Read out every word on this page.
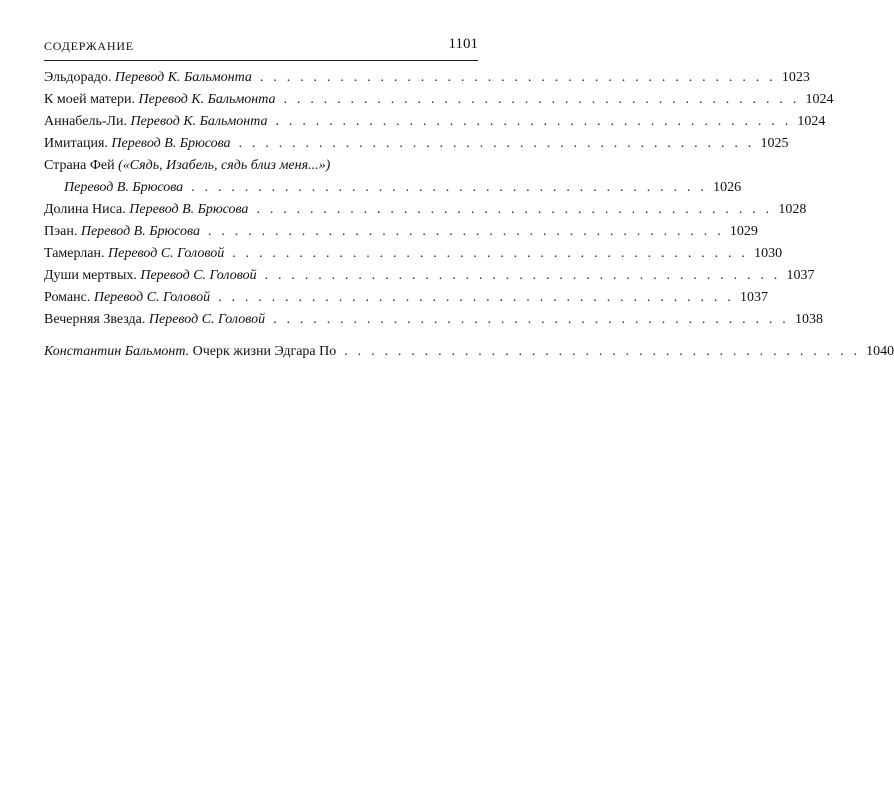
СОДЕРЖАНИЕ	1101
Эльдорадо. Перевод К. Бальмонта . . . . . . . . . . . . . . . . . . . . . . . . . . . . . . . . . . . . . . . 1023
К моей матери. Перевод К. Бальмонта . . . . . . . . . . . . . . . . . . . . . . . . . . . . . . . . . . . . . . . 1024
Аннабель-Ли. Перевод К. Бальмонта . . . . . . . . . . . . . . . . . . . . . . . . . . . . . . . . . . . . . . . 1024
Имитация. Перевод В. Брюсова . . . . . . . . . . . . . . . . . . . . . . . . . . . . . . . . . . . . . . . 1025
Страна Фей («Сядь, Изабель, сядь близ меня...»)
Перевод В. Брюсова . . . . . . . . . . . . . . . . . . . . . . . . . . . . . . . . . . . . . . . 1026
Долина Ниса. Перевод В. Брюсова . . . . . . . . . . . . . . . . . . . . . . . . . . . . . . . . . . . . . . . 1028
Пэан. Перевод В. Брюсова . . . . . . . . . . . . . . . . . . . . . . . . . . . . . . . . . . . . . . . 1029
Тамерлан. Перевод С. Головой . . . . . . . . . . . . . . . . . . . . . . . . . . . . . . . . . . . . . . . 1030
Души мертвых. Перевод С. Головой . . . . . . . . . . . . . . . . . . . . . . . . . . . . . . . . . . . . . . . 1037
Романс. Перевод С. Головой . . . . . . . . . . . . . . . . . . . . . . . . . . . . . . . . . . . . . . . 1037
Вечерняя Звезда. Перевод С. Головой . . . . . . . . . . . . . . . . . . . . . . . . . . . . . . . . . . . . . . . 1038
Константин Бальмонт. Очерк жизни Эдгара По . . . . . . . . . . . . . . . . . . . . . . . . . . . . . . . . . . . . . . . 1040
